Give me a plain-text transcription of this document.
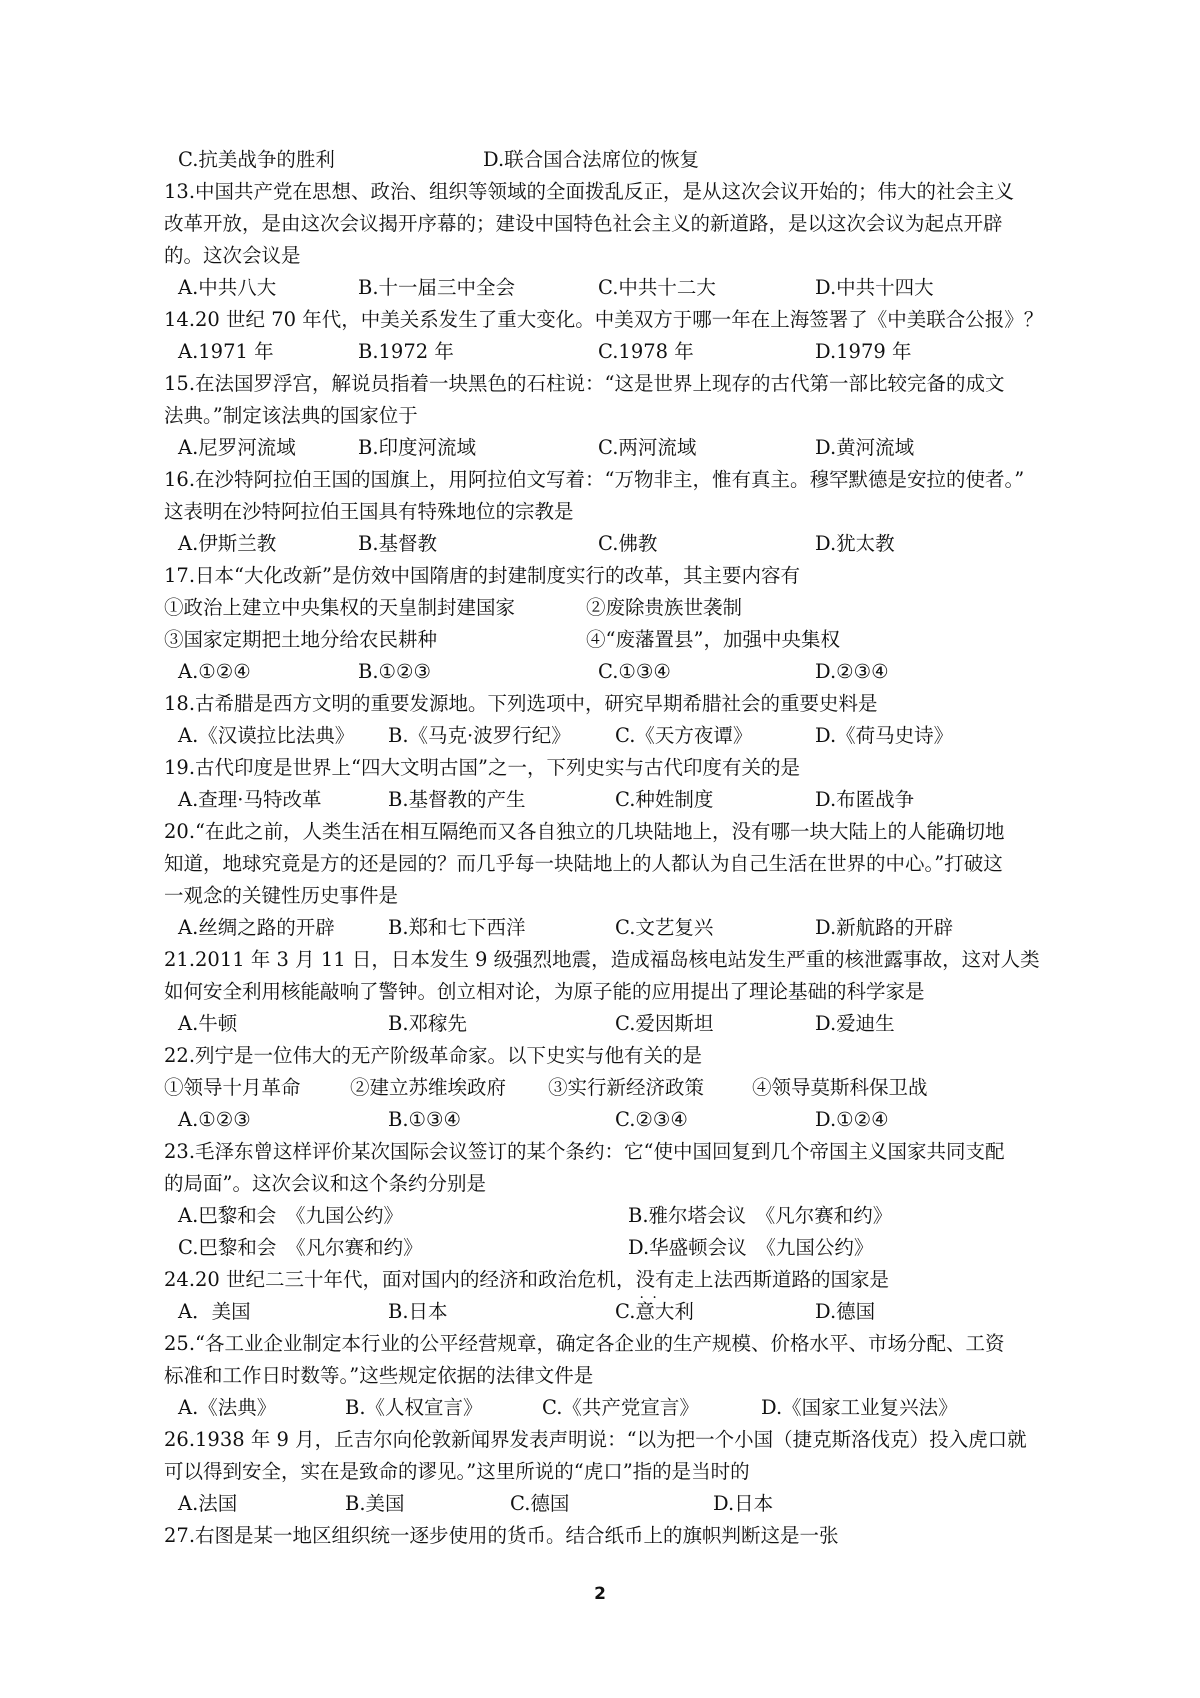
C.抗美战争的胜利	D.联合国合法席位的恢复
13.中国共产党在思想、政治、组织等领域的全面拨乱反正，是从这次会议开始的；伟大的社会主义
改革开放，是由这次会议揭开序幕的；建设中国特色社会主义的新道路，是以这次会议为起点开辟
的。这次会议是
A.中共八大	B.十一届三中全会	C.中共十二大	D.中共十四大
14.20 世纪 70 年代，中美关系发生了重大变化。中美双方于哪一年在上海签署了《中美联合公报》？
A.1971 年	B.1972 年	C.1978 年	D.1979 年
15.在法国罗浮宫，解说员指着一块黑色的石柱说：“这是世界上现存的古代第一部比较完备的成文
法典。”制定该法典的国家位于
A.尼罗河流域	B.印度河流域	C.两河流域	D.黄河流域
16.在沙特阿拉伯王国的国旗上，用阿拉伯文写着：“万物非主，惟有真主。穆罕默德是安拉的使者。”
这表明在沙特阿拉伯王国具有特殊地位的宗教是
A.伊斯兰教	B.基督教	C.佛教	D.犹太教
17.日本“大化改新”是仿效中国隋唐的封建制度实行的改革，其主要内容有
①政治上建立中央集权的天皇制封建国家	②废除贵族世袭制
③国家定期把土地分给农民耕种	④“废藩置县”，加强中央集权
A.①②④	B.①②③	C.①③④	D.②③④
18.古希腊是西方文明的重要发源地。下列选项中，研究早期希腊社会的重要史料是
A.《汉谟拉比法典》 B.《马克·波罗行纪》 C.《天方夜谭》	D.《荷马史诗》
19.古代印度是世界上“四大文明古国”之一，下列史实与古代印度有关的是
A.查理·马特改革	B.基督教的产生	C.种姓制度	D.布匿战争
20.“在此之前，人类生活在相互隔绝而又各自独立的几块陆地上，没有哪一块大陆上的人能确切地
知道，地球究竟是方的还是园的？而几乎每一块陆地上的人都认为自己生活在世界的中心。”打破这
一观念的关键性历史事件是
A.丝绸之路的开辟	B.郑和七下西洋	C.文艺复兴	D.新航路的开辟
21.2011 年 3 月 11 日，日本发生 9 级强烈地震，造成福岛核电站发生严重的核泄露事故，这对人类
如何安全利用核能敲响了警钟。创立相对论，为原子能的应用提出了理论基础的科学家是
A.牛顿	B.邓稼先	C.爱因斯坦	D.爱迪生
22.列宁是一位伟大的无产阶级革命家。以下史实与他有关的是
①领导十月革命	②建立苏维埃政府 ③实行新经济政策 ④领导莫斯科保卫战
A.①②③	B.①③④	C.②③④	D.①②④
23.毛泽东曾这样评价某次国际会议签订的某个条约：它“使中国回复到几个帝国主义国家共同支配
的局面”。这次会议和这个条约分别是
A.巴黎和会　《九国公约》	B.雅尔塔会议　《凡尔赛和约》
C.巴黎和会　《凡尔赛和约》	D.华盛顿会议　《九国公约》
24.20 世纪二三十年代，面对国内的经济和政治危机，没有 · ·走上法西斯道路的国家是
A．美国	B.日本	C.意大利	D.德国
25.“各工业企业制定本行业的公平经营规章，确定各企业的生产规模、价格水平、市场分配、工资
标准和工作日时数等。”这些规定依据的法律文件是
A.《法典》	B.《人权宣言》	C.《共产党宣言》	D.《国家工业复兴法》
26.1938 年 9 月，丘吉尔向伦敦新闻界发表声明说：“以为把一个小国（捷克斯洛伐克）投入虎口就
可以得到安全，实在是致命的谬见。”这里所说的“虎口”指的是当时的
A.法国	B.美国	C.德国	D.日本
27.右图是某一地区组织统一逐步使用的货币。结合纸币上的旗帜判断这是一张
2
